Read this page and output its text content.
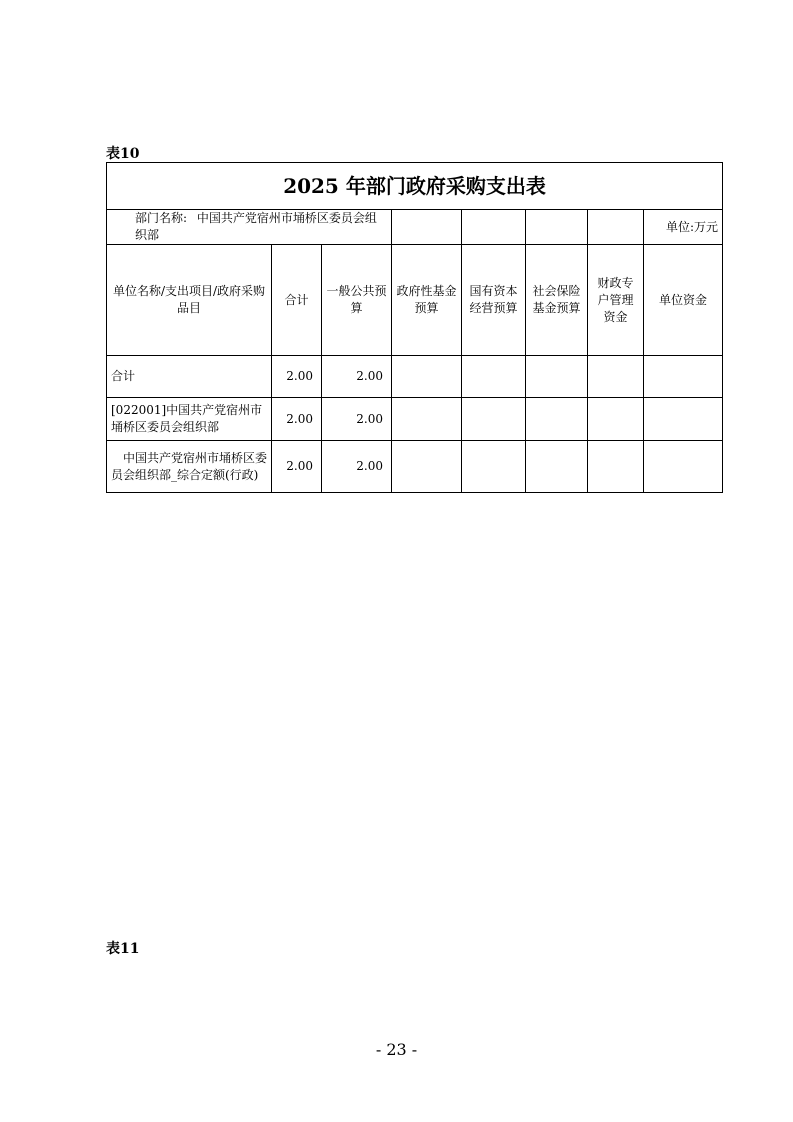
表10
2025 年部门政府采购支出表							
部门名称: 中国共产党宿州市埇桥区委员会组织部							单位:万元
单位名称/支出项目/政府采购品目	合计	一般公共预算	政府性基金预算	国有资本经营预算	社会保险基金预算	财政专户管理资金	单位资金
合计	2.00	2.00					
[022001]中国共产党宿州市埇桥区委员会组织部	2.00	2.00					
中国共产党宿州市埇桥区委员会组织部_综合定额(行政)	2.00	2.00					
表11
- 23 -
